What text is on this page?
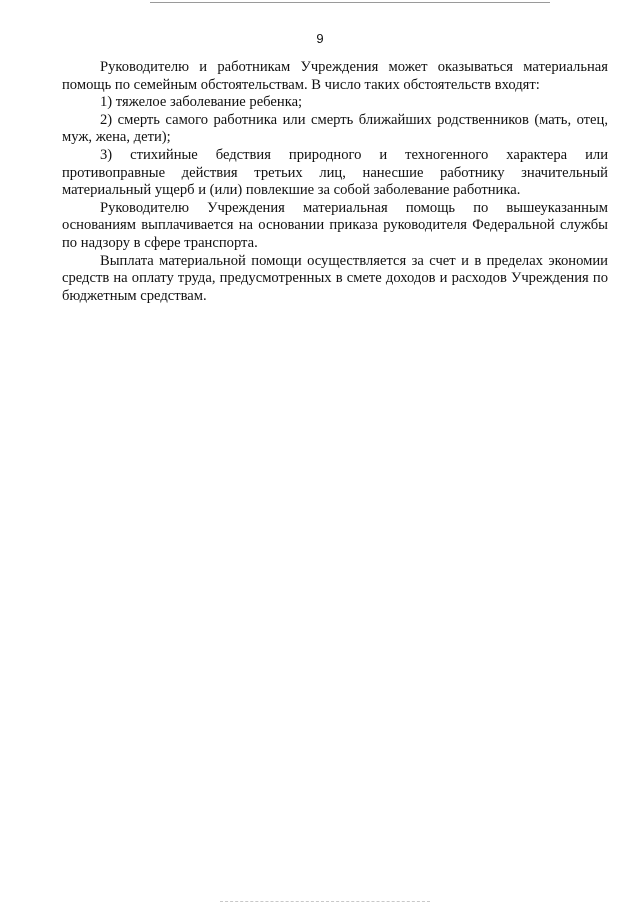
9

Руководителю и работникам Учреждения может оказываться материальная помощь по семейным обстоятельствам. В число таких обстоятельств входят:

1) тяжелое заболевание ребенка;

2) смерть самого работника или смерть ближайших родственников (мать, отец, муж, жена, дети);

3) стихийные бедствия природного и техногенного характера или противоправные действия третьих лиц, нанесшие работнику значительный материальный ущерб и (или) повлекшие за собой заболевание работника.

Руководителю Учреждения материальная помощь по вышеуказанным основаниям выплачивается на основании приказа руководителя Федеральной службы по надзору в сфере транспорта.

Выплата материальной помощи осуществляется за счет и в пределах экономии средств на оплату труда, предусмотренных в смете доходов и расходов Учреждения по бюджетным средствам.
